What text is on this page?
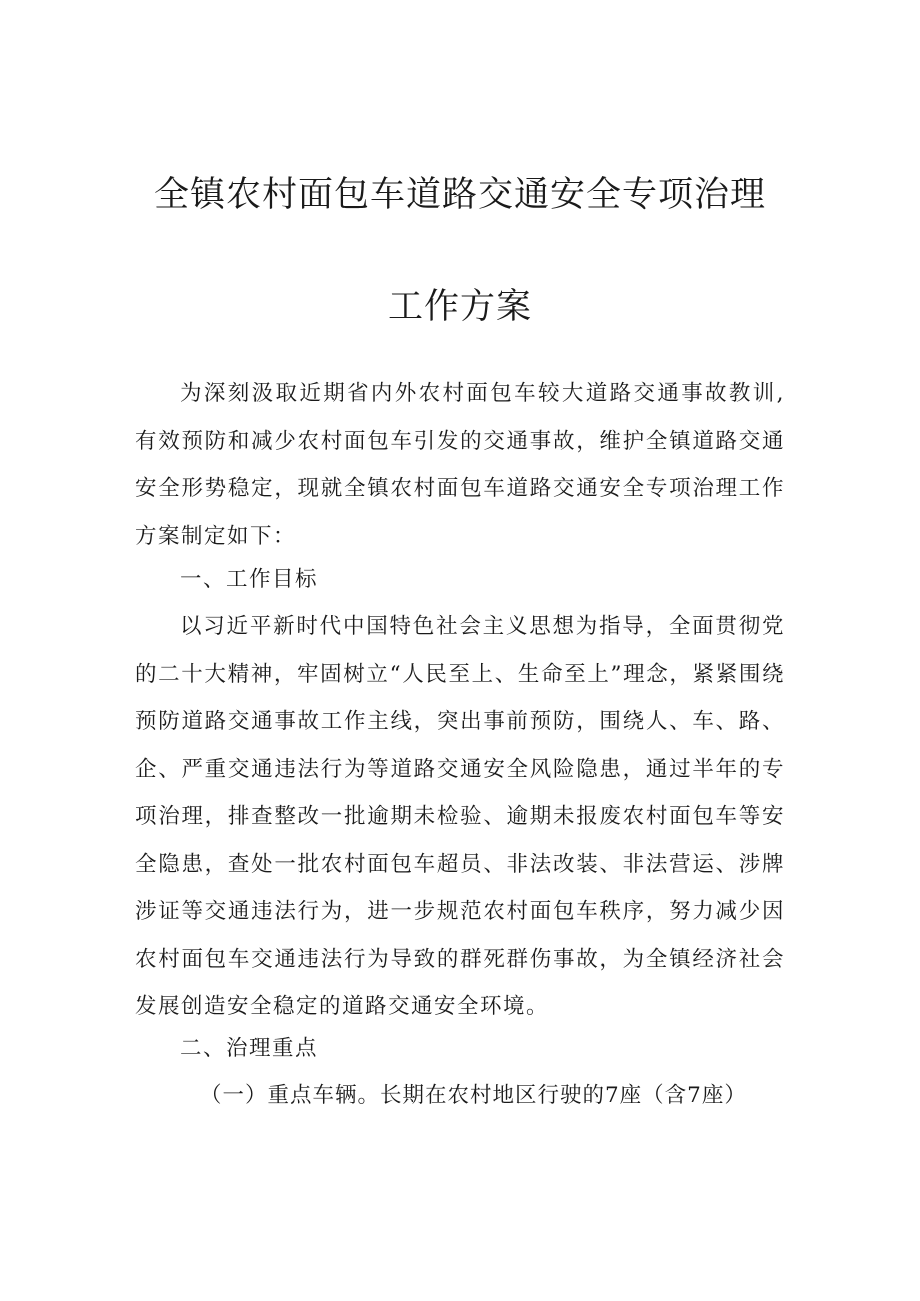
全镇农村面包车道路交通安全专项治理
工作方案

为深刻汲取近期省内外农村面包车较大道路交通事故教训,有效预防和减少农村面包车引发的交通事故，维护全镇道路交通安全形势稳定，现就全镇农村面包车道路交通安全专项治理工作方案制定如下：

一、工作目标

以习近平新时代中国特色社会主义思想为指导，全面贯彻党的二十大精神，牢固树立“人民至上、生命至上”理念，紧紧围绕预防道路交通事故工作主线，突出事前预防，围绕人、车、路、企、严重交通违法行为等道路交通安全风险隐患，通过半年的专项治理，排查整改一批逾期未检验、逾期未报废农村面包车等安全隐患，查处一批农村面包车超员、非法改装、非法营运、涉牌涉证等交通违法行为，进一步规范农村面包车秩序，努力减少因农村面包车交通违法行为导致的群死群伤事故，为全镇经济社会发展创造安全稳定的道路交通安全环境。

二、治理重点

（一）重点车辆。长期在农村地区行驶的7座（含7座）
